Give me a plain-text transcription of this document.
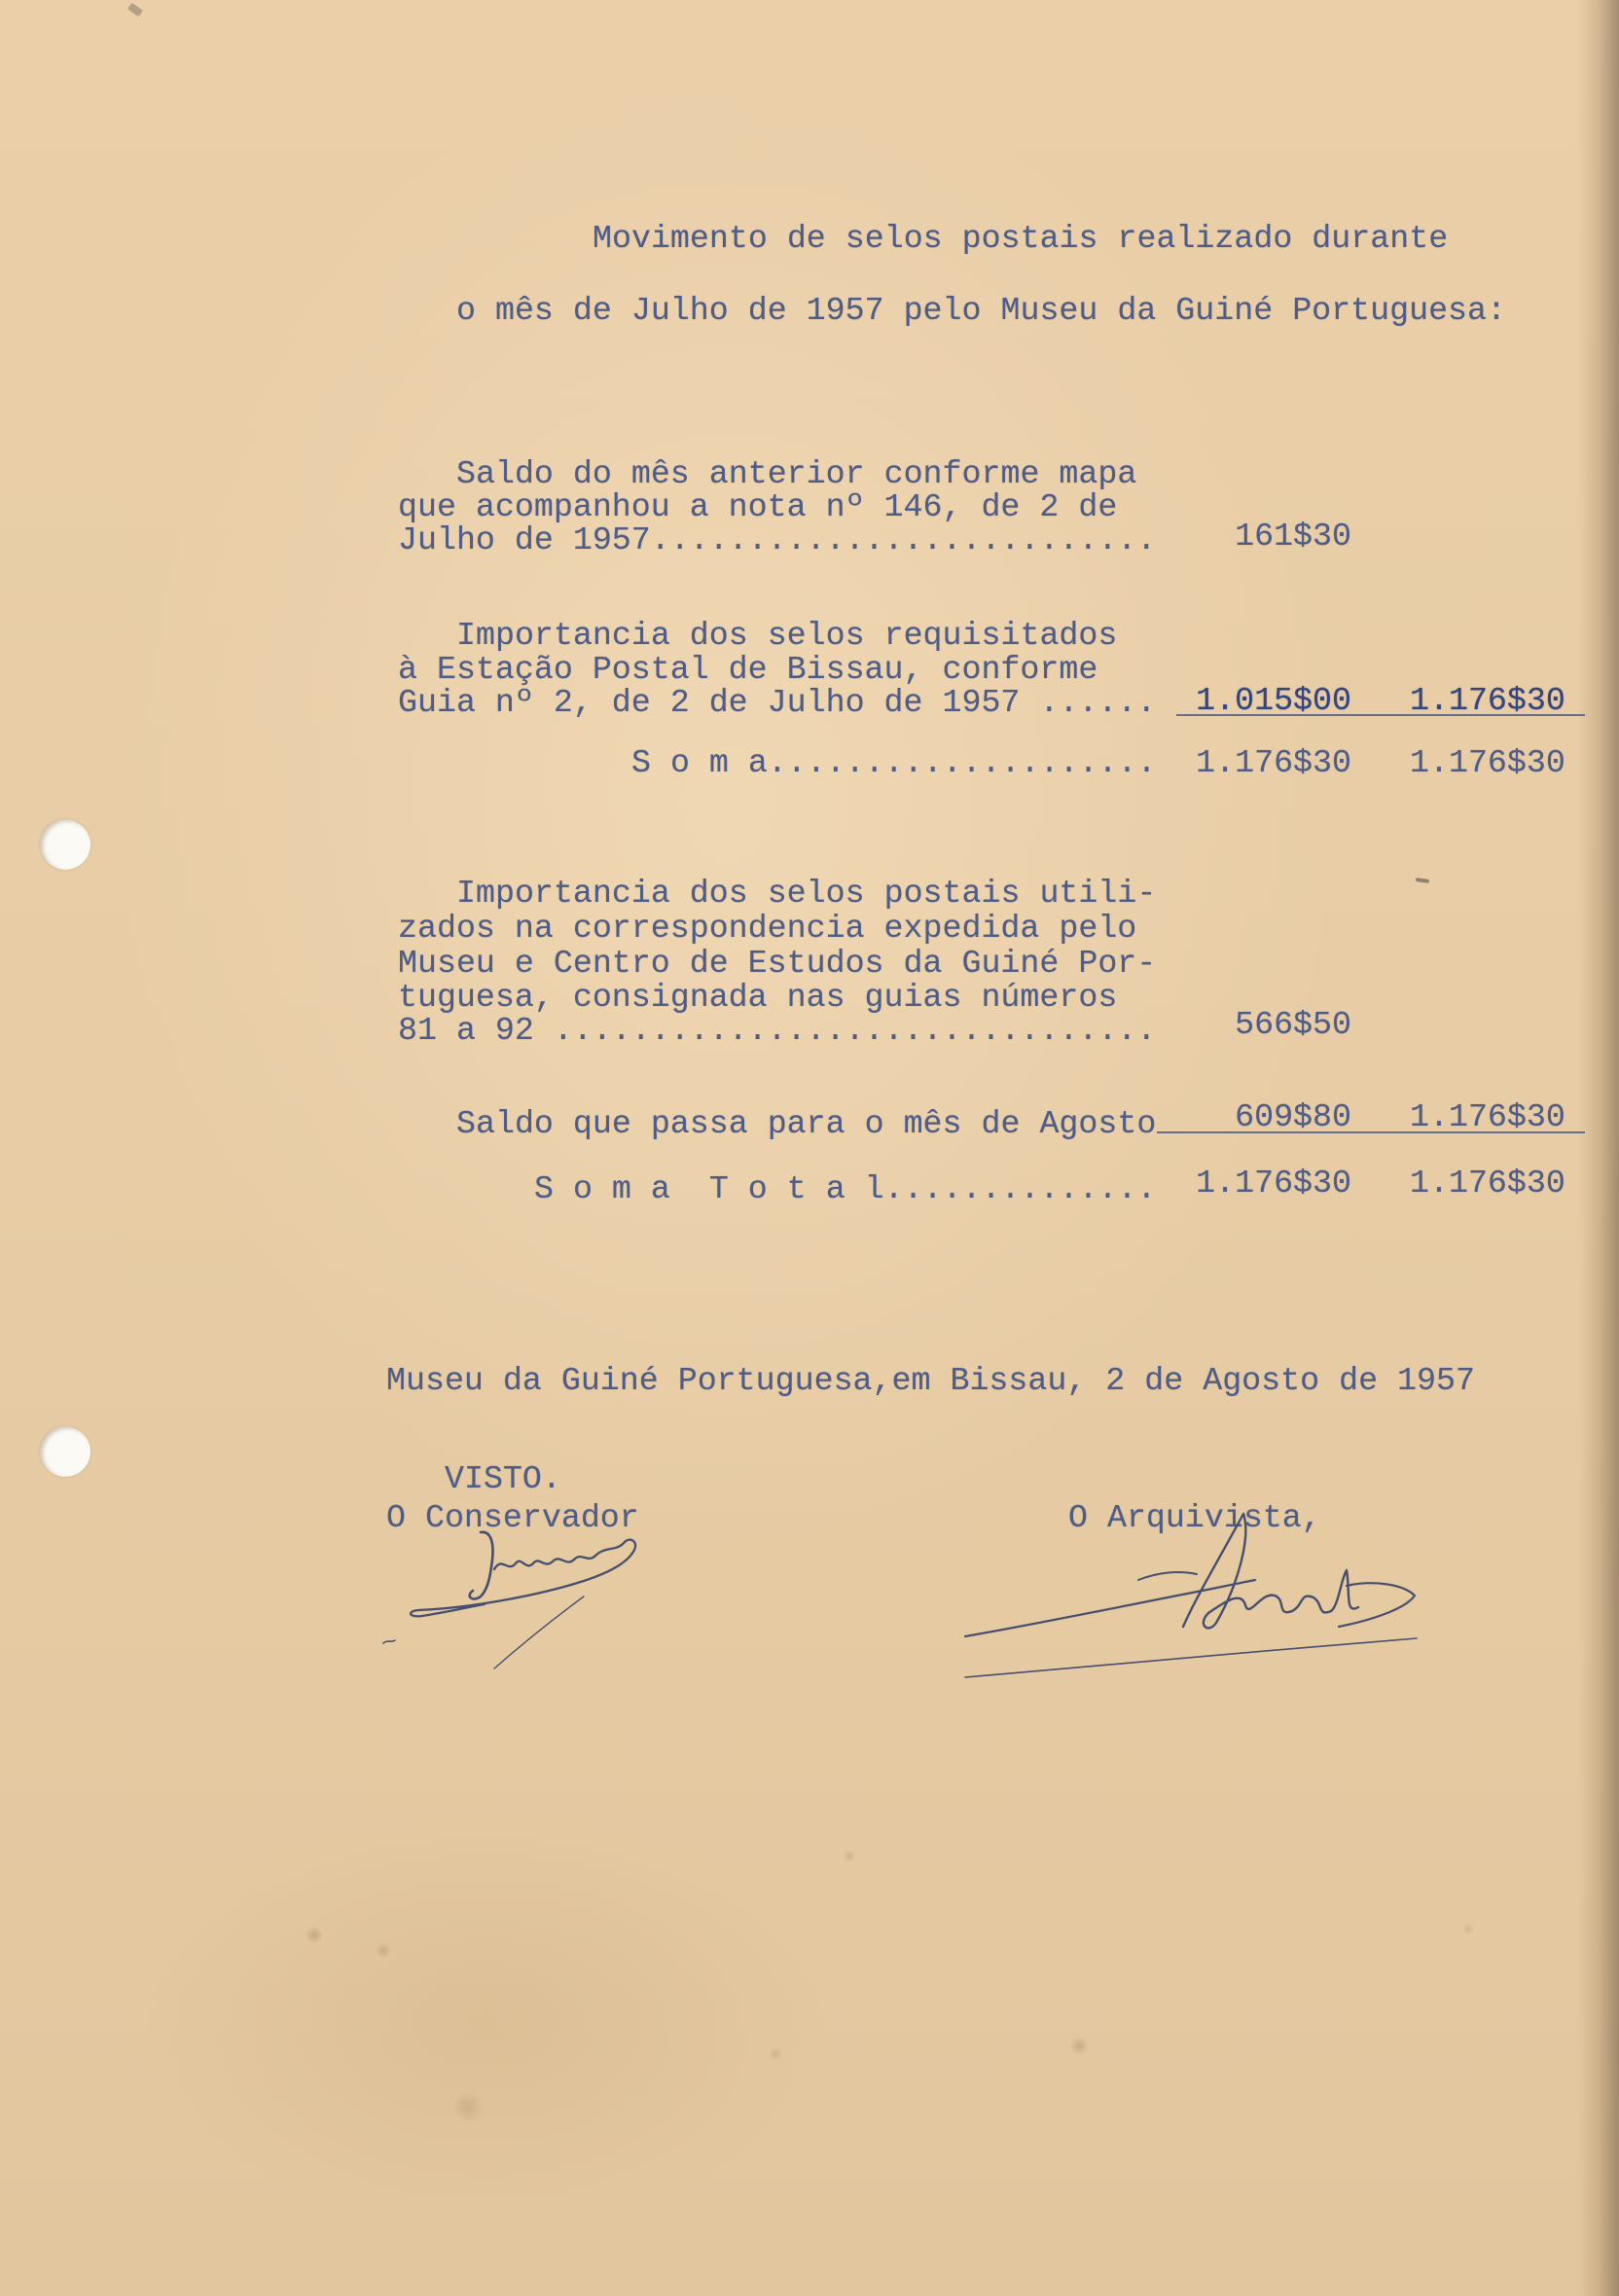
Movimento de selos postais realizado durante
o mês de Julho de 1957 pelo Museu da Guiné Portuguesa:
Saldo do mês anterior conforme mapa
que acompanhou a nota nº 146, de 2 de
Julho de 1957..........................	161$30
Importancia dos selos requisitados
à Estação Postal de Bissau, conforme
Guia nº 2, de 2 de Julho de 1957 ...... 1.015$00 1.176$30
S o m a.................... 1.176$30 1.176$30
Importancia dos selos postais utili-
zados na correspondencia expedida pelo
Museu e Centro de Estudos da Guiné Por-
tuguesa, consignada nas guias números
81 a 92 ...............................	566$50
Saldo que passa para o mês de Agosto	609$80 1.176$30
S o m a  T o t a l.............. 1.176$30 1.176$30
Museu da Guiné Portuguesa,em Bissau, 2 de Agosto de 1957
VISTO.
O Conservador	O Arquivista,
